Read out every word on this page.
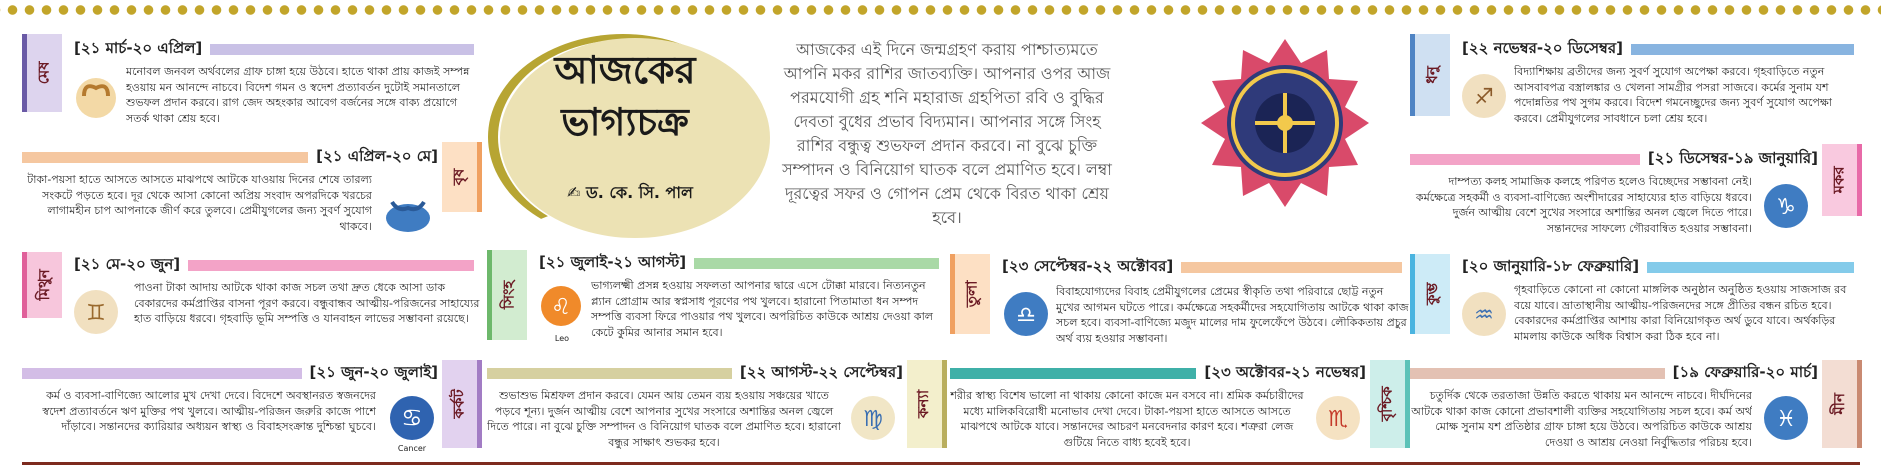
মেষ
[২১ মার্চ-২০ এপ্রিল]
মনোবল জনবল অর্থবলের গ্রাফ চাঙ্গা হয়ে উঠবে। হাতে থাকা প্রায় কাজই সম্পন্ন হওয়ায় মন আনন্দে নাচবে। বিদেশ গমন ও স্বদেশ প্রত্যাবর্তন দুটোই সমানতালে শুভফল প্রদান করবে। রাগ জেদ অহংকার আবেগ বর্জনের সঙ্গে বাক্য প্রয়োগে সতর্ক থাকা শ্রেয় হবে।
[২১ এপ্রিল-২০ মে]
বৃষ
টাকা-পয়সা হাতে আসতে আসতে মাঝপথে আটকে যাওয়ায় দিনের শেষে তারল্য সংকটে পড়তে হবে। দূর থেকে আসা কোনো অপ্রিয় সংবাদ অপরদিকে খরচের লাগামহীন চাপ আপনাকে জীর্ণ করে তুলবে। প্রেমীযুগলের জন্য সুবর্ণ সুযোগ থাকবে।
মিথুন
[২১ মে-২০ জুন]
♊
পাওনা টাকা আদায় আটকে থাকা কাজ সচল তথা দ্রুত ধেকে আসা ডাক বেকারদের কর্মপ্রাপ্তির বাসনা পূরণ করবে। বন্ধুবান্ধব আত্মীয়-পরিজনের সাহায্যের হাত বাড়িয়ে ধরবে। গৃহবাড়ি ভূমি সম্পত্তি ও যানবাহন লাভের সম্ভাবনা রয়েছে।
[২১ জুন-২০ জুলাই]
কর্কট
♋
Cancer
কর্ম ও ব্যবসা-বাণিজ্যে আলোর মুখ দেখা দেবে। বিদেশে অবস্থানরত স্বজনদের স্বদেশ প্রত্যাবর্তনে ঋণ মুক্তির পথ খুলবে। আত্মীয়-পরিজন জরুরি কাজে পাশে দাঁড়াবে। সন্তানদের ক্যারিয়ার অধ্যয়ন স্বাস্থ্য ও বিবাহসংক্রান্ত দুশ্চিন্তা ঘুচবে।
আজকের ভাগ্যচক্র
✍ ড. কে. সি. পাল
আজকের এই দিনে জন্মগ্রহণ করায় পাশ্চাত্যমতে আপনি মকর রাশির জাতব্যক্তি। আপনার ওপর আজ পরমযোগী গ্রহ শনি মহারাজ গ্রহপিতা রবি ও বুদ্ধির দেবতা বুধের প্রভাব বিদ্যমান। আপনার সঙ্গে সিংহ রাশির বন্ধুত্ব শুভফল প্রদান করবে। না বুঝে চুক্তি সম্পাদন ও বিনিয়োগ ঘাতক বলে প্রমাণিত হবে। লম্বা দূরত্বের সফর ও গোপন প্রেম থেকে বিরত থাকা শ্রেয় হবে।
সিংহ
[২১ জুলাই-২১ আগস্ট]
♌
Leo
ভাগ্যলক্ষ্মী প্রসন্ন হওয়ায় সফলতা আপনার দ্বারে এসে টোক্কা মারবে। নিত্যনতুন প্ল্যান প্রোগ্রাম আর স্বপ্নসাধ পূরণের পথ খুলবে। হারানো পিতামাতা ধন সম্পদ সম্পত্তি ব্যবসা ফিরে পাওয়ার পথ খুলবে। অপরিচিত কাউকে আশ্রয় দেওয়া কাল কেটে কুমির আনার সমান হবে।
[২২ আগস্ট-২২ সেপ্টেম্বর]
কন্যা
♍
শুভাশুভ মিশ্রফল প্রদান করবে। যেমন আয় তেমন ব্যয় হওয়ায় সঞ্চয়ের খাতে পড়বে শূন্য। দুর্জন আত্মীয় বেশে আপনার সুখের সংসারে অশান্তির অনল জ্বেলে দিতে পারে। না বুঝে চুক্তি সম্পাদন ও বিনিয়োগ ঘাতক বলে প্রমাণিত হবে। হারানো বন্ধুর সাক্ষাৎ শুভকর হবে।
তুলা
[২৩ সেপ্টেম্বর-২২ অক্টোবর]
♎
বিবাহযোগ্যদের বিবাহ প্রেমীযুগলের প্রেমের স্বীকৃতি তথা পরিবারে ছোট্ট নতুন মুখের আগমন ঘটতে পারে। কর্মক্ষেত্রে সহকর্মীদের সহযোগিতায় আটকে থাকা কাজ সচল হবে। ব্যবসা-বাণিজ্যে মজুদ মালের দাম ফুলেফেঁপে উঠবে। লৌকিকতায় প্রচুর অর্থ ব্যয় হওয়ার সম্ভাবনা।
[২৩ অক্টোবর-২১ নভেম্বর]
বৃশ্চিক
♏
শরীর স্বাস্থ্য বিশেষ ভালো না থাকায় কোনো কাজে মন বসবে না। শ্রমিক কর্মচারীদের মধ্যে মালিকবিরোধী মনোভাব দেখা দেবে। টাকা-পয়সা হাতে আসতে আসতে মাঝপথে আটকে যাবে। সন্তানদের আচরণ মনবেদনার কারণ হবে। শত্রুরা লেজ গুটিয়ে নিতে বাধ্য হবেই হবে।
ধনু
[২২ নভেম্বর-২০ ডিসেম্বর]
♐
বিদ্যাশিক্ষায় ব্রতীদের জন্য সুবর্ণ সুযোগ অপেক্ষা করবে। গৃহবাড়িতে নতুন আসবাবপত্র বস্ত্রালঙ্কার ও খেলনা সামগ্রীর পসরা সাজবে। কর্মের সুনাম যশ পদোন্নতির পথ সুগম করবে। বিদেশ গমনেচ্ছুদের জন্য সুবর্ণ সুযোগ অপেক্ষা করবে। প্রেমীযুগলের সাবধানে চলা শ্রেয় হবে।
[২১ ডিসেম্বর-১৯ জানুয়ারি]
মকর
♑
দাম্পত্য কলহ সামাজিক কলহে পরিণত হলেও বিচ্ছেদের সম্ভাবনা নেই। কর্মক্ষেত্রে সহকর্মী ও ব্যবসা-বাণিজ্যে অংশীদারের সাহায্যের হাত বাড়িয়ে ধরবে। দুর্জন আত্মীয় বেশে সুখের সংসারে অশান্তির অনল জ্বেলে দিতে পারে। সন্তানদের সাফল্যে গৌরবান্বিত হওয়ার সম্ভাবনা।
কুম্ভ
[২০ জানুয়ারি-১৮ ফেব্রুয়ারি]
♒
গৃহবাড়িতে কোনো না কোনো মাঙ্গলিক অনুষ্ঠান অনুষ্ঠিত হওয়ায় সাজসাজ রব বয়ে যাবে। ভ্রাতাস্থানীয় আত্মীয়-পরিজনদের সঙ্গে প্রীতির বন্ধন রচিত হবে। বেকারদের কর্মপ্রাপ্তির আশায় কারা বিনিয়োগকৃত অর্থ ডুবে যাবে। অর্থকড়ির মামলায় কাউকে অধিক বিশ্বাস করা ঠিক হবে না।
[১৯ ফেব্রুয়ারি-২০ মার্চ]
মীন
♓
চতুর্দিক থেকে তরতাজা উন্নতি করতে থাকায় মন আনন্দে নাচবে। দীর্ঘদিনের আটকে থাকা কাজ কোনো প্রভাবশালী ব্যক্তির সহযোগিতায় সচল হবে। কর্ম অর্থ মোক্ষ সুনাম যশ প্রতিষ্ঠার গ্রাফ চাঙ্গা হয়ে উঠবে। অপরিচিত কাউকে আশ্রয় দেওয়া ও আশ্রয় নেওয়া নির্বুদ্ধিতার পরিচয় হবে।
